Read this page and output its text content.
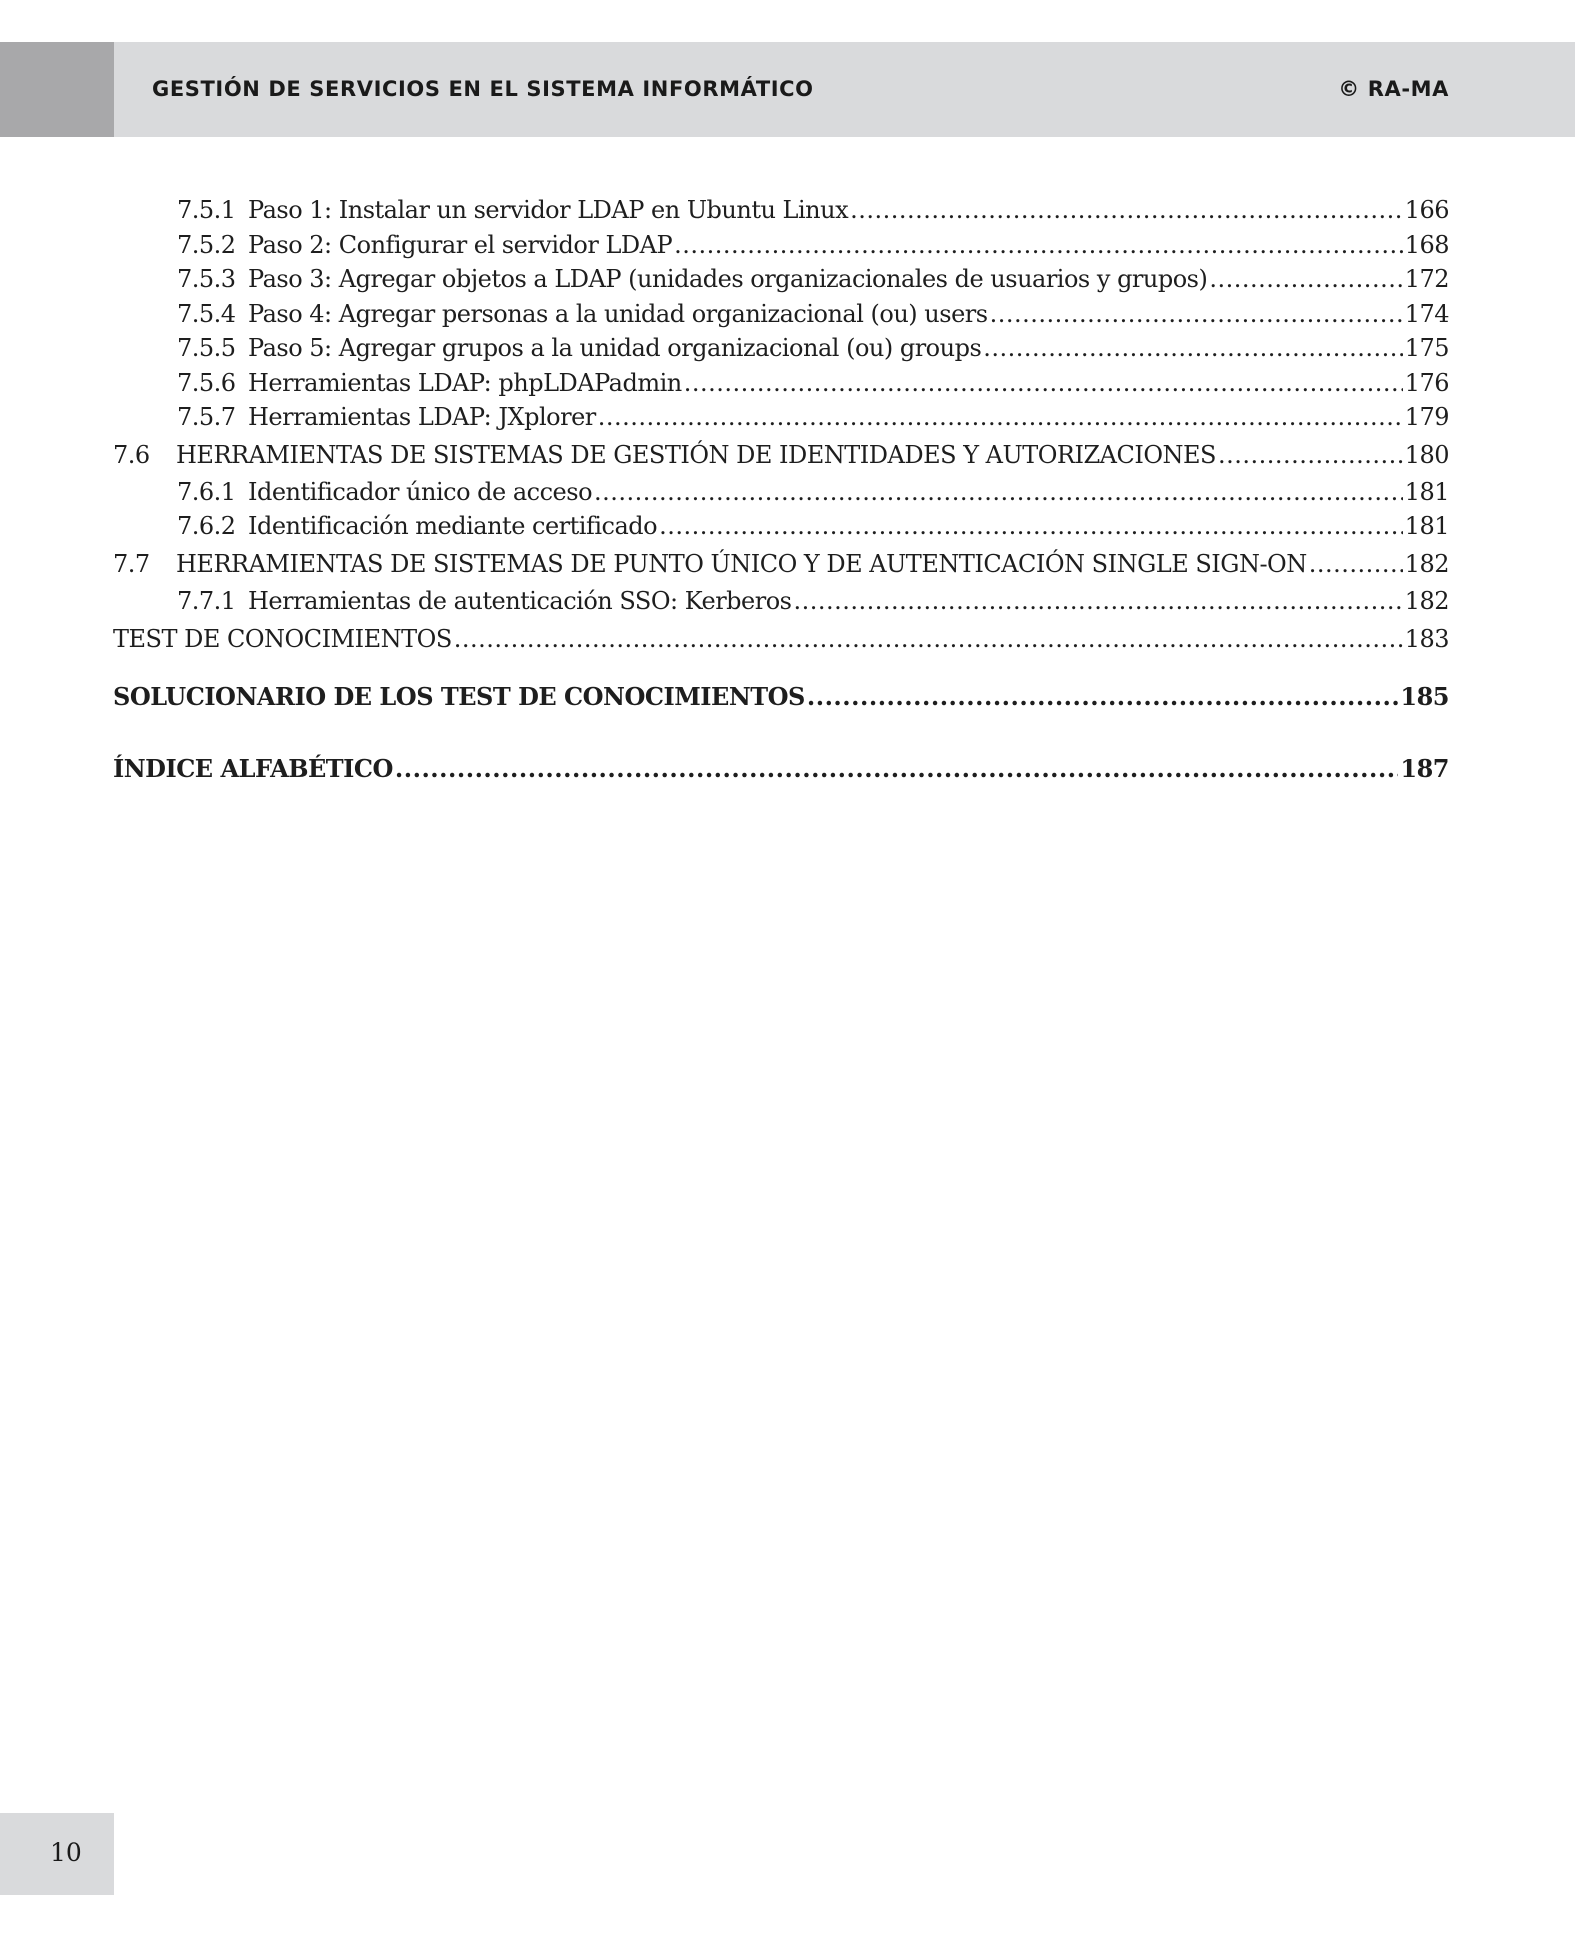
GESTIÓN DE SERVICIOS EN EL SISTEMA INFORMÁTICO	© RA-MA
7.5.1 Paso 1: Instalar un servidor LDAP en Ubuntu Linux .....	166
7.5.2 Paso 2: Configurar el servidor LDAP .....	168
7.5.3 Paso 3: Agregar objetos a LDAP (unidades organizacionales de usuarios y grupos) .....	172
7.5.4 Paso 4: Agregar personas a la unidad organizacional (ou) users .....	174
7.5.5 Paso 5: Agregar grupos a la unidad organizacional (ou) groups .....	175
7.5.6 Herramientas LDAP: phpLDAPadmin .....	176
7.5.7 Herramientas LDAP: JXplorer .....	179
7.6	HERRAMIENTAS DE SISTEMAS DE GESTIÓN DE IDENTIDADES Y AUTORIZACIONES .....	180
7.6.1 Identificador único de acceso .....	181
7.6.2 Identificación mediante certificado .....	181
7.7	HERRAMIENTAS DE SISTEMAS DE PUNTO ÚNICO Y DE AUTENTICACIÓN SINGLE SIGN-ON .....	182
7.7.1 Herramientas de autenticación SSO: Kerberos .....	182
TEST DE CONOCIMIENTOS .....	183
SOLUCIONARIO DE LOS TEST DE CONOCIMIENTOS .....	185
ÍNDICE ALFABÉTICO .....	187
10
